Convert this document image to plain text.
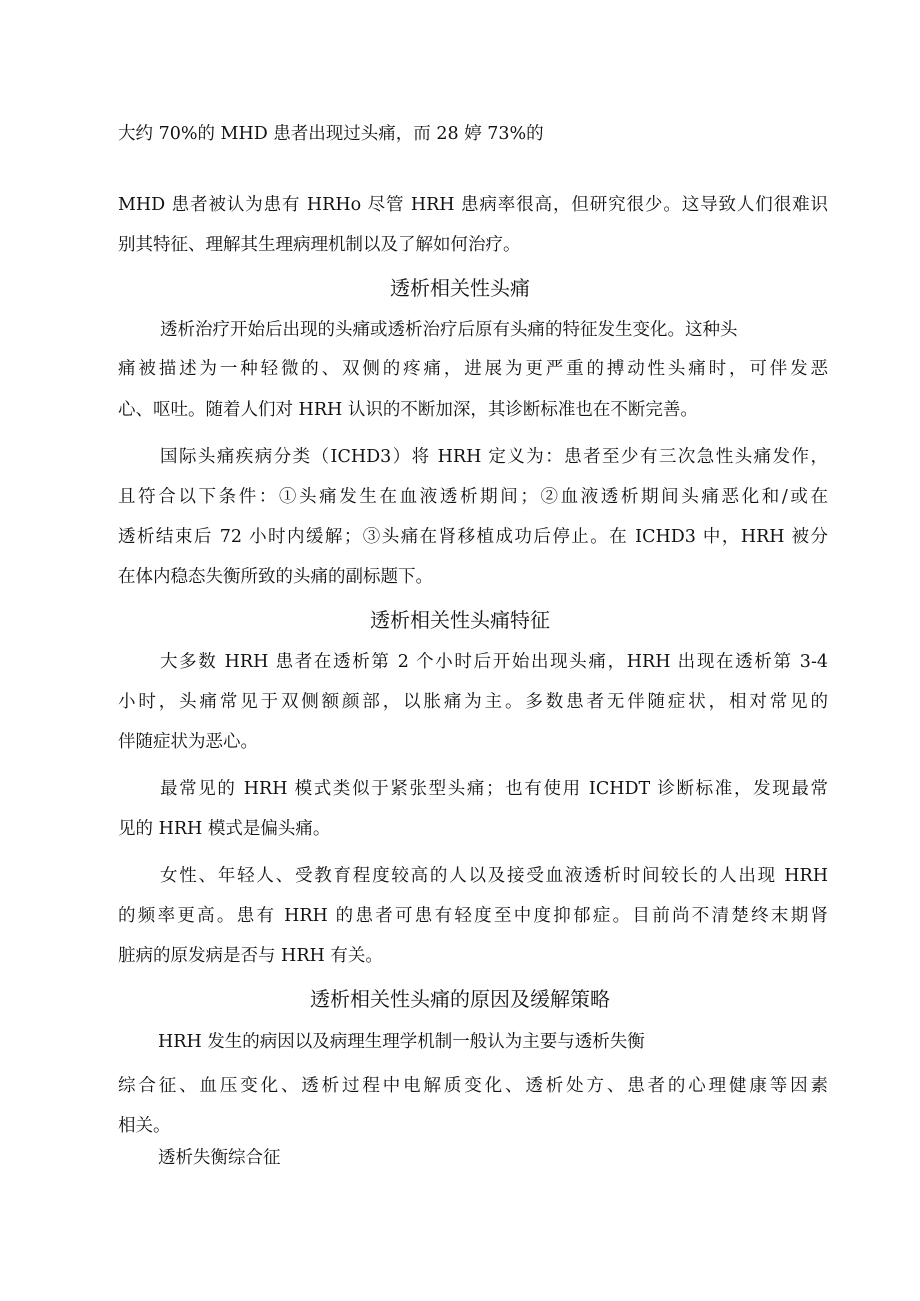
大约 70%的 MHD 患者出现过头痛，而 28 婷 73%的
MHD 患者被认为患有 HRHo 尽管 HRH 患病率很高，但研究很少。这导致人们很难识
别其特征、理解其生理病理机制以及了解如何治疗。
透析相关性头痛
透析治疗开始后出现的头痛或透析治疗后原有头痛的特征发生变化。这种头
痛被描述为一种轻微的、双侧的疼痛，进展为更严重的搏动性头痛时，可伴发恶
心、呕吐。随着人们对 HRH 认识的不断加深，其诊断标准也在不断完善。
国际头痛疾病分类（ICHD3）将 HRH 定义为：患者至少有三次急性头痛发作，
且符合以下条件：①头痛发生在血液透析期间；②血液透析期间头痛恶化和/或在
透析结束后 72 小时内缓解；③头痛在肾移植成功后停止。在 ICHD3 中，HRH 被分
在体内稳态失衡所致的头痛的副标题下。
透析相关性头痛特征
大多数 HRH 患者在透析第 2 个小时后开始出现头痛，HRH 出现在透析第 3-4
小时，头痛常见于双侧额颜部，以胀痛为主。多数患者无伴随症状，相对常见的
伴随症状为恶心。
最常见的 HRH 模式类似于紧张型头痛；也有使用 ICHDT 诊断标准，发现最常
见的 HRH 模式是偏头痛。
女性、年轻人、受教育程度较高的人以及接受血液透析时间较长的人出现 HRH
的频率更高。患有 HRH 的患者可患有轻度至中度抑郁症。目前尚不清楚终末期肾
脏病的原发病是否与 HRH 有关。
透析相关性头痛的原因及缓解策略
HRH 发生的病因以及病理生理学机制一般认为主要与透析失衡
综合征、血压变化、透析过程中电解质变化、透析处方、患者的心理健康等因素
相关。
透析失衡综合征
